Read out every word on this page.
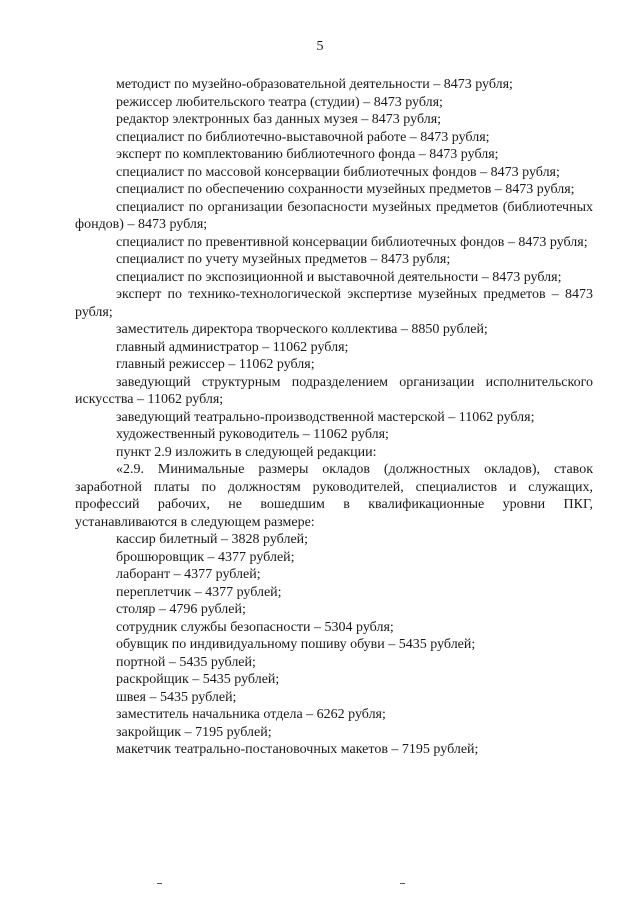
5

методист по музейно-образовательной деятельности – 8473 рубля;

режиссер любительского театра (студии) – 8473 рубля;

редактор электронных баз данных музея – 8473 рубля;

специалист по библиотечно-выставочной работе – 8473 рубля;

эксперт по комплектованию библиотечного фонда – 8473 рубля;

специалист по массовой консервации библиотечных фондов – 8473 рубля;

специалист по обеспечению сохранности музейных предметов – 8473 рубля;

специалист по организации безопасности музейных предметов (библиотечных фондов) – 8473 рубля;

специалист по превентивной консервации библиотечных фондов – 8473 рубля;

специалист по учету музейных предметов – 8473 рубля;

специалист по экспозиционной и выставочной деятельности – 8473 рубля;

эксперт по технико-технологической экспертизе музейных предметов – 8473 рубля;

заместитель директора творческого коллектива – 8850 рублей;

главный администратор – 11062 рубля;

главный режиссер – 11062 рубля;

заведующий структурным подразделением организации исполнительского искусства – 11062 рубля;

заведующий театрально-производственной мастерской – 11062 рубля;

художественный руководитель – 11062 рубля;

пункт 2.9 изложить в следующей редакции:

«2.9. Минимальные размеры окладов (должностных окладов), ставок заработной платы по должностям руководителей, специалистов и служащих, профессий рабочих, не вошедшим в квалификационные уровни ПКГ, устанавливаются в следующем размере:

кассир билетный – 3828 рублей;

брошюровщик – 4377 рублей;

лаборант – 4377 рублей;

переплетчик – 4377 рублей;

столяр – 4796 рублей;

сотрудник службы безопасности – 5304 рубля;

обувщик по индивидуальному пошиву обуви – 5435 рублей;

портной – 5435 рублей;

раскройщик – 5435 рублей;

швея – 5435 рублей;

заместитель начальника отдела – 6262 рубля;

закройщик – 7195 рублей;

макетчик театрально-постановочных макетов – 7195 рублей;
